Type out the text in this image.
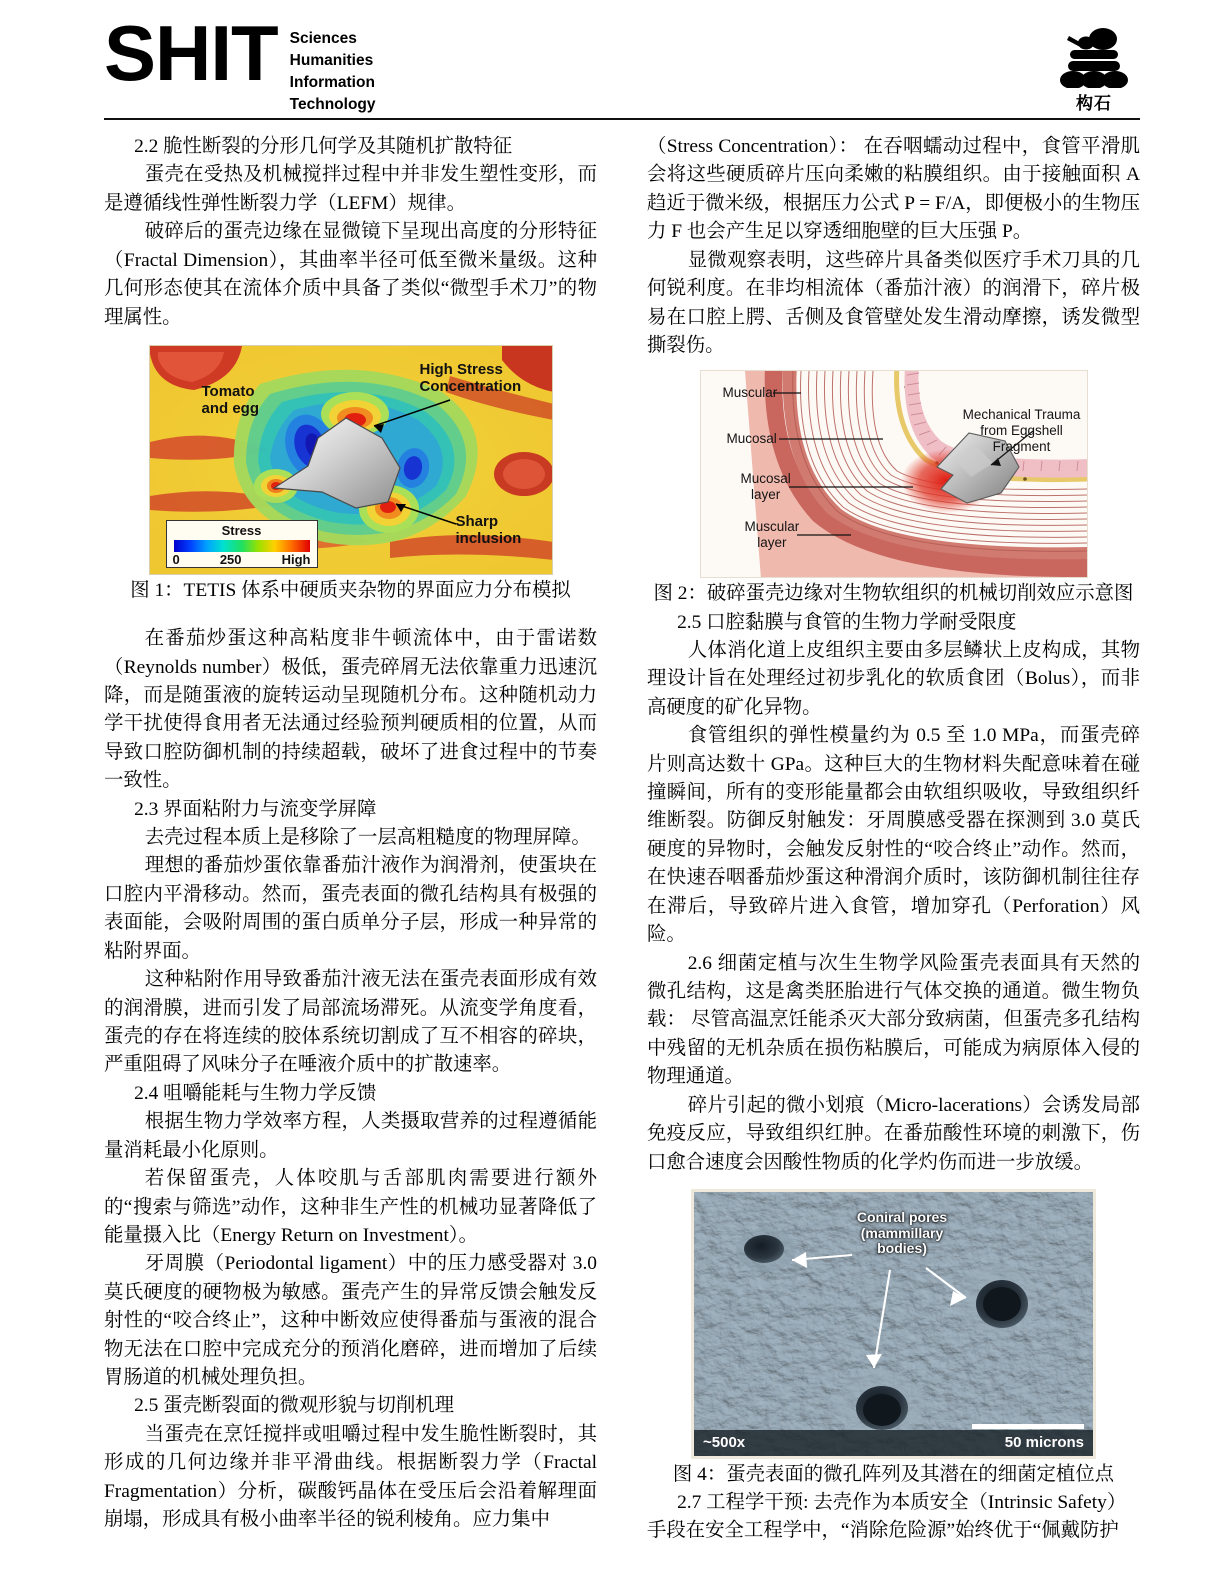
SHIT Sciences
Humanities
Information
Technology	构石

2.2 脆性断裂的分形几何学及其随机扩散特征

蛋壳在受热及机械搅拌过程中并非发生塑性变形，而是遵循线性弹性断裂力学（LEFM）规律。

破碎后的蛋壳边缘在显微镜下呈现出高度的分形特征（Fractal Dimension），其曲率半径可低至微米量级。这种几何形态使其在流体介质中具备了类似“微型手术刀”的物理属性。

Tomato
and egg
High Stress
Concentration
Sharp
inclusion
Stress
0	250	High
图 1：TETIS 体系中硬质夹杂物的界面应力分布模拟

在番茄炒蛋这种高粘度非牛顿流体中，由于雷诺数（Reynolds number）极低，蛋壳碎屑无法依靠重力迅速沉降，而是随蛋液的旋转运动呈现随机分布。这种随机动力学干扰使得食用者无法通过经验预判硬质相的位置，从而导致口腔防御机制的持续超载，破坏了进食过程中的节奏一致性。

2.3 界面粘附力与流变学屏障

去壳过程本质上是移除了一层高粗糙度的物理屏障。

理想的番茄炒蛋依靠番茄汁液作为润滑剂，使蛋块在口腔内平滑移动。然而，蛋壳表面的微孔结构具有极强的表面能，会吸附周围的蛋白质单分子层，形成一种异常的粘附界面。

这种粘附作用导致番茄汁液无法在蛋壳表面形成有效的润滑膜，进而引发了局部流场滞死。从流变学角度看，蛋壳的存在将连续的胶体系统切割成了互不相容的碎块，严重阻碍了风味分子在唾液介质中的扩散速率。

2.4 咀嚼能耗与生物力学反馈

根据生物力学效率方程，人类摄取营养的过程遵循能量消耗最小化原则。

若保留蛋壳，人体咬肌与舌部肌肉需要进行额外的“搜索与筛选”动作，这种非生产性的机械功显著降低了能量摄入比（Energy Return on Investment）。

牙周膜（Periodontal ligament）中的压力感受器对 3.0 莫氏硬度的硬物极为敏感。蛋壳产生的异常反馈会触发反射性的“咬合终止”，这种中断效应使得番茄与蛋液的混合物无法在口腔中完成充分的预消化磨碎，进而增加了后续胃肠道的机械处理负担。

2.5 蛋壳断裂面的微观形貌与切削机理

当蛋壳在烹饪搅拌或咀嚼过程中发生脆性断裂时，其形成的几何边缘并非平滑曲线。根据断裂力学（Fractal Fragmentation）分析，碳酸钙晶体在受压后会沿着解理面崩塌，形成具有极小曲率半径的锐利棱角。应力集中

（Stress Concentration）： 在吞咽蠕动过程中，食管平滑肌会将这些硬质碎片压向柔嫩的粘膜组织。由于接触面积 A 趋近于微米级，根据压力公式 P = F/A，即便极小的生物压力 F 也会产生足以穿透细胞壁的巨大压强 P。

显微观察表明，这些碎片具备类似医疗手术刀具的几何锐利度。在非均相流体（番茄汁液）的润滑下，碎片极易在口腔上腭、舌侧及食管壁处发生滑动摩擦，诱发微型撕裂伤。

Muscular
Mucosal
Mucosal
layer
Muscular
layer
Mechanical Trauma
from Eggshell Fragment
图 2：破碎蛋壳边缘对生物软组织的机械切削效应示意图

2.5 口腔黏膜与食管的生物力学耐受限度

人体消化道上皮组织主要由多层鳞状上皮构成，其物理设计旨在处理经过初步乳化的软质食团（Bolus），而非高硬度的矿化异物。

食管组织的弹性模量约为 0.5 至 1.0 MPa，而蛋壳碎片则高达数十 GPa。这种巨大的生物材料失配意味着在碰撞瞬间，所有的变形能量都会由软组织吸收，导致组织纤维断裂。防御反射触发：牙周膜感受器在探测到 3.0 莫氏硬度的异物时，会触发反射性的“咬合终止”动作。然而，在快速吞咽番茄炒蛋这种滑润介质时，该防御机制往往存在滞后，导致碎片进入食管，增加穿孔（Perforation）风险。

2.6 细菌定植与次生生物学风险蛋壳表面具有天然的微孔结构，这是禽类胚胎进行气体交换的通道。微生物负载： 尽管高温烹饪能杀灭大部分致病菌，但蛋壳多孔结构中残留的无机杂质在损伤粘膜后，可能成为病原体入侵的物理通道。

碎片引起的微小划痕（Micro-lacerations）会诱发局部免疫反应，导致组织红肿。在番茄酸性环境的刺激下，伤口愈合速度会因酸性物质的化学灼伤而进一步放缓。

Coniral pores
(mammillary
bodies)
~500x	50 microns
图 4：蛋壳表面的微孔阵列及其潜在的细菌定植位点

2.7 工程学干预: 去壳作为本质安全（Intrinsic Safety）

手段在安全工程学中，“消除危险源”始终优于“佩戴防护
